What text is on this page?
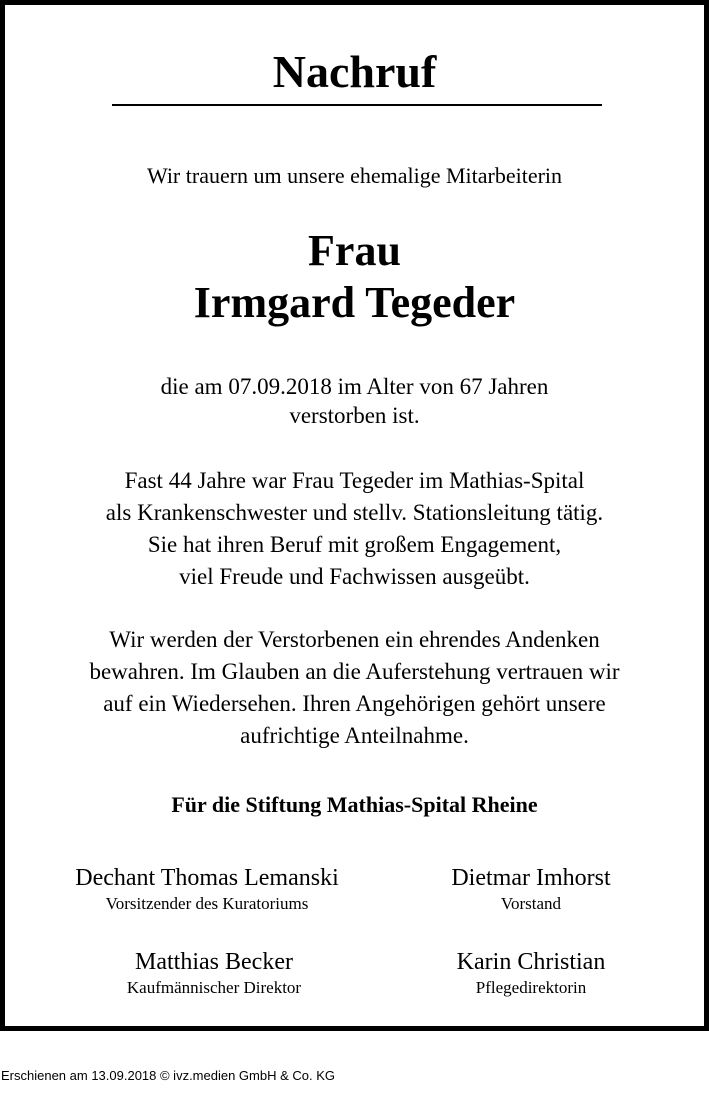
Nachruf
Wir trauern um unsere ehemalige Mitarbeiterin
Frau
Irmgard Tegeder
die am 07.09.2018 im Alter von 67 Jahren
verstorben ist.
Fast 44 Jahre war Frau Tegeder im Mathias-Spital
als Krankenschwester und stellv. Stationsleitung tätig.
Sie hat ihren Beruf mit großem Engagement,
viel Freude und Fachwissen ausgeübt.
Wir werden der Verstorbenen ein ehrendes Andenken
bewahren. Im Glauben an die Auferstehung vertrauen wir
auf ein Wiedersehen. Ihren Angehörigen gehört unsere
aufrichtige Anteilnahme.
Für die Stiftung Mathias-Spital Rheine
Dechant Thomas Lemanski
Vorsitzender des Kuratoriums
Dietmar Imhorst
Vorstand
Matthias Becker
Kaufmännischer Direktor
Karin Christian
Pflegedirektorin
Erschienen am 13.09.2018 © ivz.medien GmbH & Co. KG
